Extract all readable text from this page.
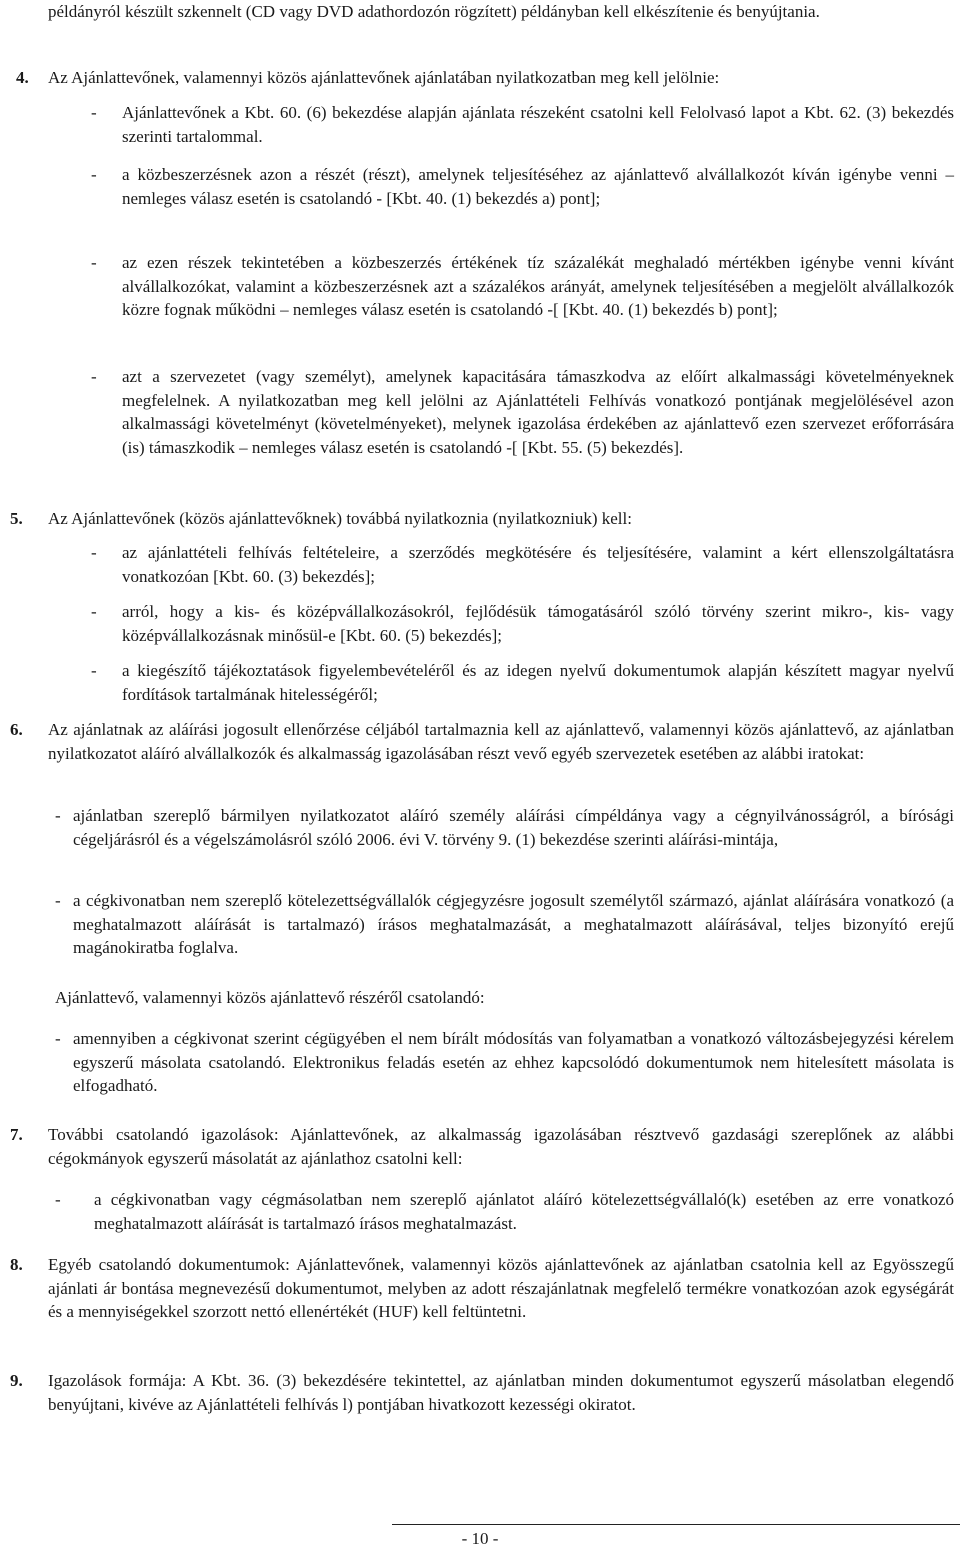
példányról készült szkennelt (CD vagy DVD adathordozón rögzített) példányban kell elkészítenie és benyújtania.

4. Az Ajánlattevőnek, valamennyi közös ajánlattevőnek ajánlatában nyilatkozatban meg kell jelölnie:

- Ajánlattevőnek a Kbt. 60. (6) bekezdése alapján ajánlata részeként csatolni kell Felolvasó lapot a Kbt. 62. (3) bekezdés szerinti tartalommal.

- a közbeszerzésnek azon a részét (részt), amelynek teljesítéséhez az ajánlattevő alvállalkozót kíván igénybe venni – nemleges válasz esetén is csatolandó - [Kbt. 40. (1) bekezdés a) pont];

- az ezen részek tekintetében a közbeszerzés értékének tíz százalékát meghaladó mértékben igénybe venni kívánt alvállalkozókat, valamint a közbeszerzésnek azt a százalékos arányát, amelynek teljesítésében a megjelölt alvállalkozók közre fognak működni – nemleges válasz esetén is csatolandó -[ [Kbt. 40. (1) bekezdés b) pont];

- azt a szervezetet (vagy személyt), amelynek kapacitására támaszkodva az előírt alkalmassági követelményeknek megfelelnek. A nyilatkozatban meg kell jelölni az Ajánlattételi Felhívás vonatkozó pontjának megjelölésével azon alkalmassági követelményt (követelményeket), melynek igazolása érdekében az ajánlattevő ezen szervezet erőforrására (is) támaszkodik – nemleges válasz esetén is csatolandó -[ [Kbt. 55. (5) bekezdés].

5. Az Ajánlattevőnek (közös ajánlattevőknek) továbbá nyilatkoznia (nyilatkozniuk) kell:

- az ajánlattételi felhívás feltételeire, a szerződés megkötésére és teljesítésére, valamint a kért ellenszolgáltatásra vonatkozóan [Kbt. 60. (3) bekezdés];

- arról, hogy a kis- és középvállalkozásokról, fejlődésük támogatásáról szóló törvény szerint mikro-, kis- vagy középvállalkozásnak minősül-e [Kbt. 60. (5) bekezdés];

- a kiegészítő tájékoztatások figyelembevételéről és az idegen nyelvű dokumentumok alapján készített magyar nyelvű fordítások tartalmának hitelességéről;

6. Az ajánlatnak az aláírási jogosult ellenőrzése céljából tartalmaznia kell az ajánlattevő, valamennyi közös ajánlattevő, az ajánlatban nyilatkozatot aláíró alvállalkozók és alkalmasság igazolásában részt vevő egyéb szervezetek esetében az alábbi iratokat:

- ajánlatban szereplő bármilyen nyilatkozatot aláíró személy aláírási címpéldánya vagy a cégnyilvánosságról, a bírósági cégeljárásról és a végelszámolásról szóló 2006. évi V. törvény 9. (1) bekezdése szerinti aláírási-mintája,

- a cégkivonatban nem szereplő kötelezettségvállalók cégjegyzésre jogosult személytől származó, ajánlat aláírására vonatkozó (a meghatalmazott aláírását is tartalmazó) írásos meghatalmazását, a meghatalmazott aláírásával, teljes bizonyító erejű magánokiratba foglalva.

Ajánlattevő, valamennyi közös ajánlattevő részéről csatolandó:

- amennyiben a cégkivonat szerint cégügyében el nem bírált módosítás van folyamatban a vonatkozó változásbejegyzési kérelem egyszerű másolata csatolandó. Elektronikus feladás esetén az ehhez kapcsolódó dokumentumok nem hitelesített másolata is elfogadható.

7. További csatolandó igazolások: Ajánlattevőnek, az alkalmasság igazolásában résztvevő gazdasági szereplőnek az alábbi cégokmányok egyszerű másolatát az ajánlathoz csatolni kell:

- a cégkivonatban vagy cégmásolatban nem szereplő ajánlatot aláíró kötelezettségvállaló(k) esetében az erre vonatkozó meghatalmazott aláírását is tartalmazó írásos meghatalmazást.

8. Egyéb csatolandó dokumentumok: Ajánlattevőnek, valamennyi közös ajánlattevőnek az ajánlatban csatolnia kell az Egyösszegű ajánlati ár bontása megnevezésű dokumentumot, melyben az adott részajánlatnak megfelelő termékre vonatkozóan azok egységárát és a mennyiségekkel szorzott nettó ellenértékét (HUF) kell feltüntetni.

9. Igazolások formája: A Kbt. 36. (3) bekezdésére tekintettel, az ajánlatban minden dokumentumot egyszerű másolatban elegendő benyújtani, kivéve az Ajánlattételi felhívás l) pontjában hivatkozott kezességi okiratot.

- 10 -
